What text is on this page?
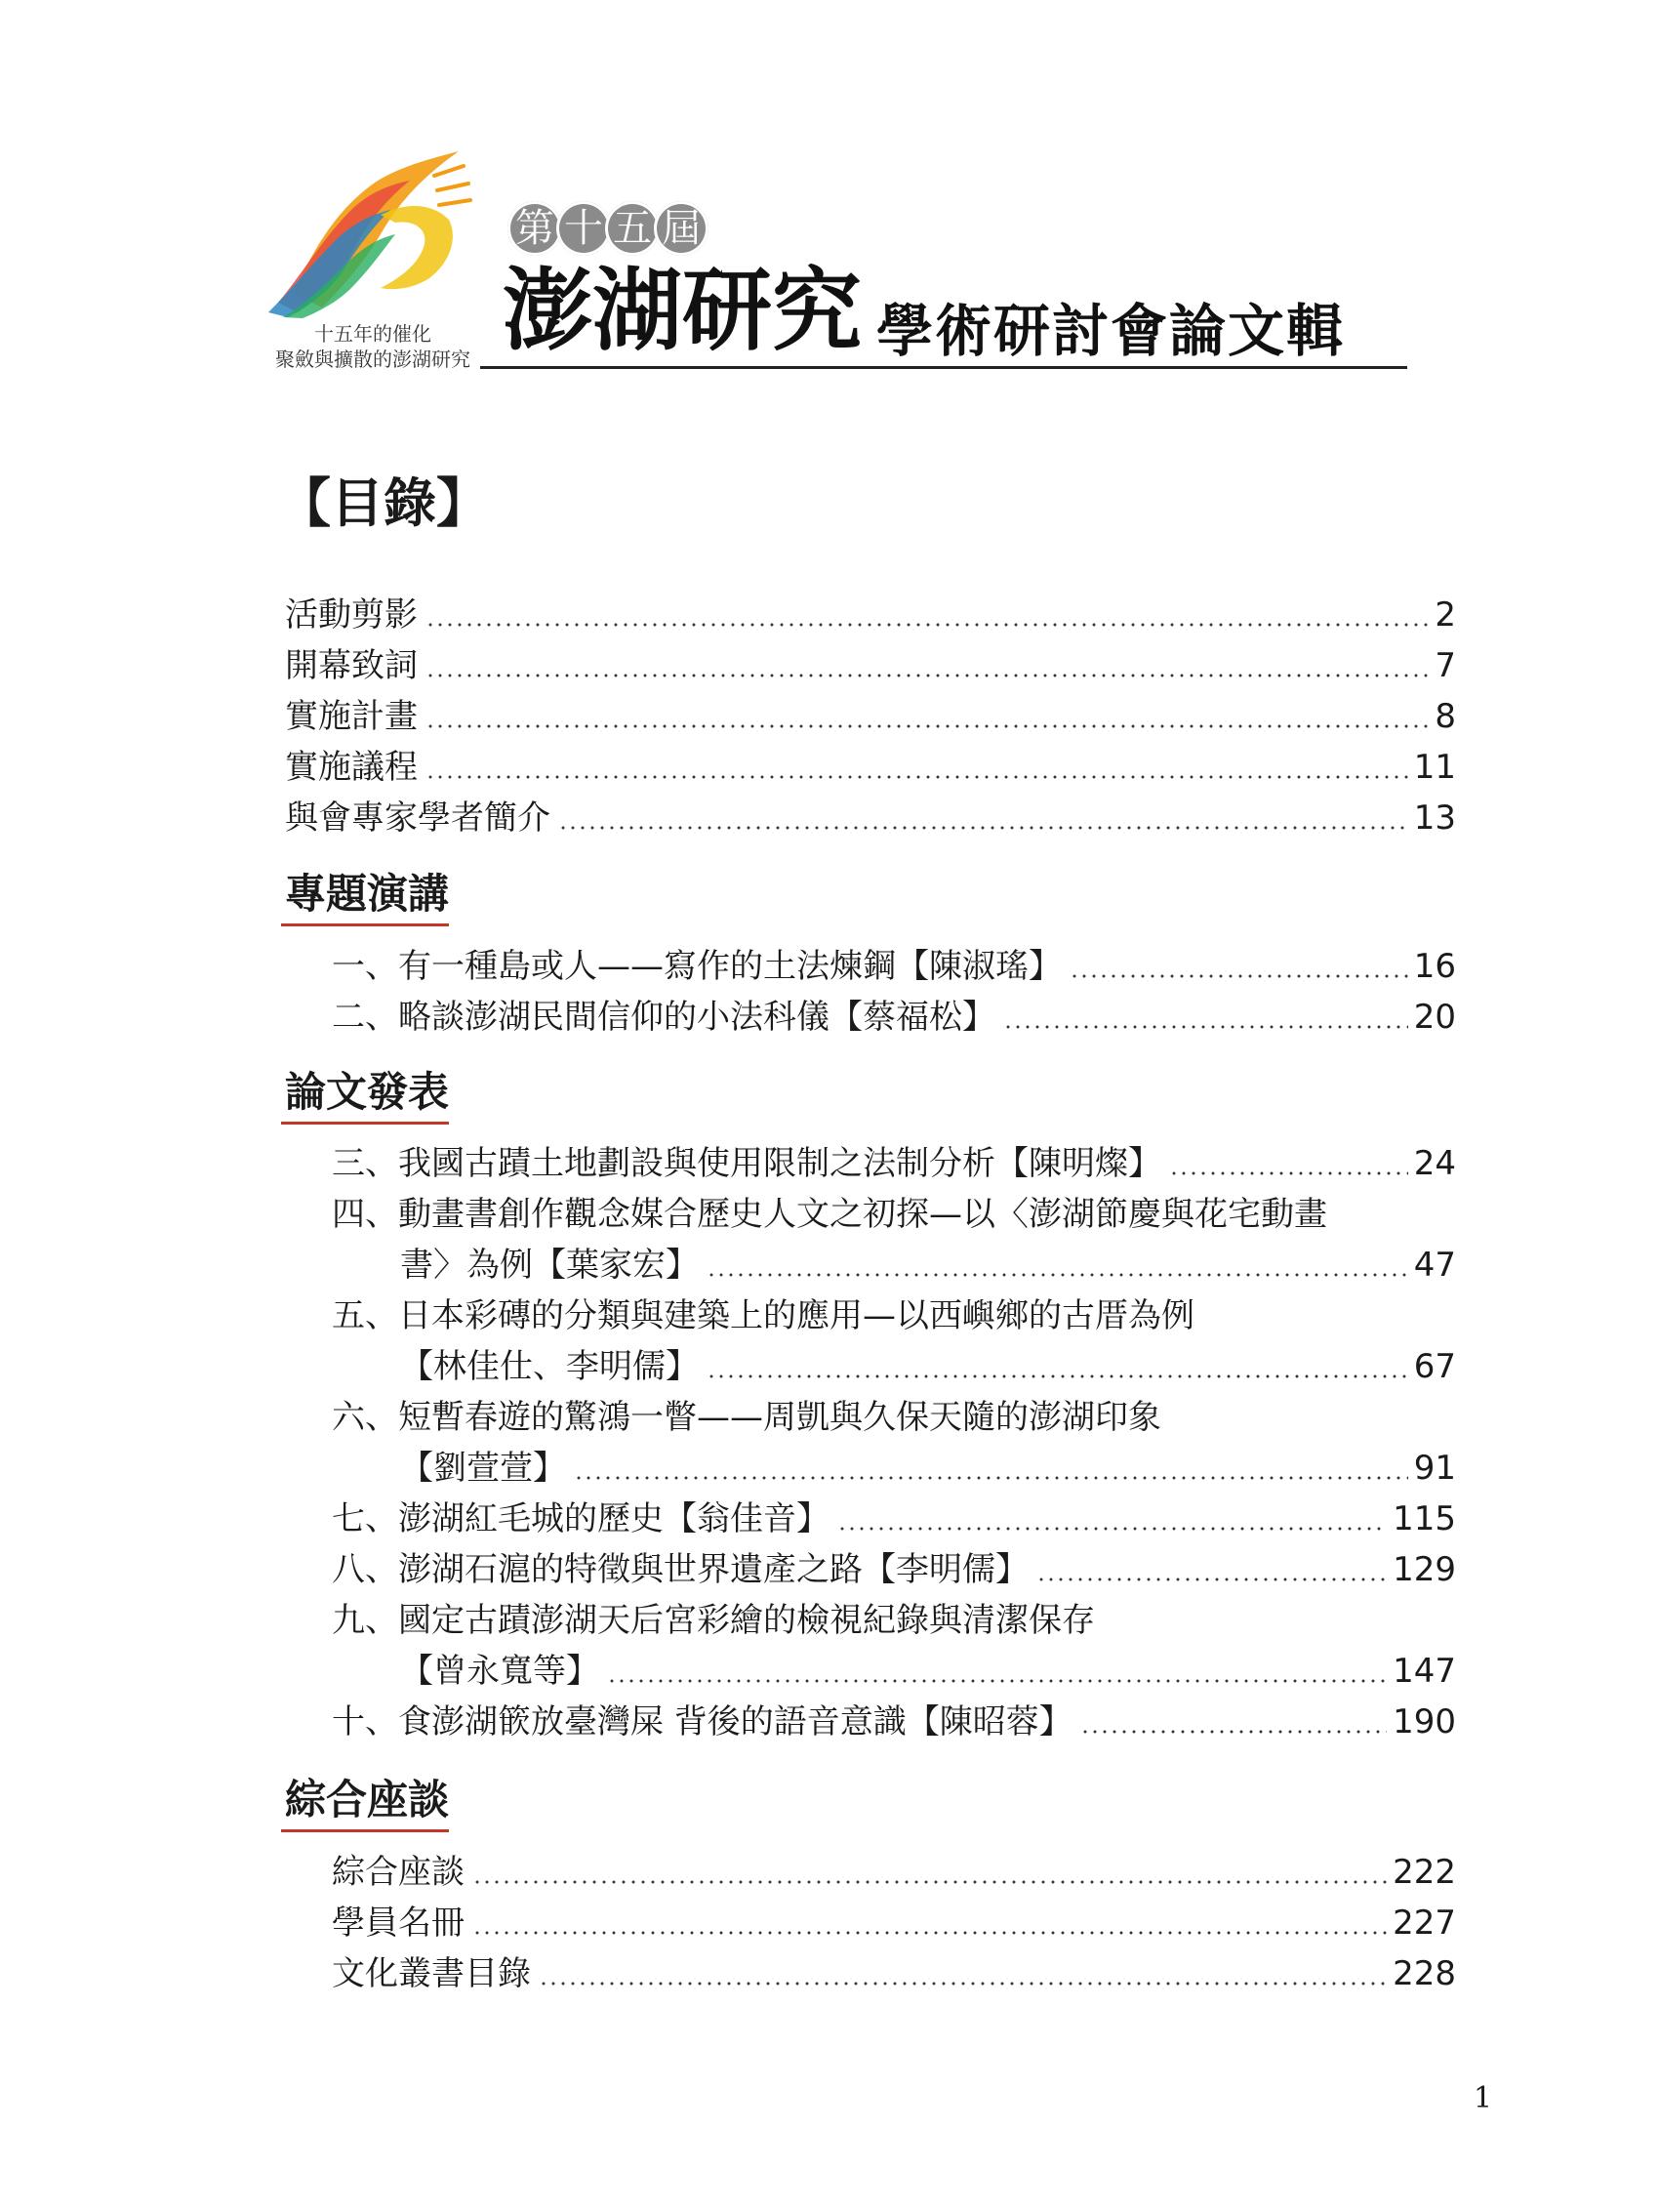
十五年的催化
聚斂與擴散的澎湖研究
第 十 五 屆
澎湖研究 學術研討會論文輯
【目錄】
活動剪影	2
開幕致詞	7
實施計畫	8
實施議程	11
與會專家學者簡介	13
專題演講
一、有一種島或人——寫作的土法煉鋼【陳淑瑤】	16
二、略談澎湖民間信仰的小法科儀【蔡福松】	20
論文發表
三、我國古蹟土地劃設與使用限制之法制分析【陳明燦】	24
四、動畫書創作觀念媒合歷史人文之初探—以〈澎湖節慶與花宅動畫
書〉為例【葉家宏】	47
五、日本彩磚的分類與建築上的應用—以西嶼鄉的古厝為例
【林佳仕、李明儒】	67
六、短暫春遊的驚鴻一瞥——周凱與久保天隨的澎湖印象
【劉萱萱】	91
七、澎湖紅毛城的歷史【翁佳音】	115
八、澎湖石滬的特徵與世界遺產之路【李明儒】	129
九、國定古蹟澎湖天后宮彩繪的檢視紀錄與清潔保存
【曾永寬等】	147
十、食澎湖篏放臺灣屎 背後的語音意識【陳昭蓉】	190
綜合座談
綜合座談	222
學員名冊	227
文化叢書目錄	228
1
